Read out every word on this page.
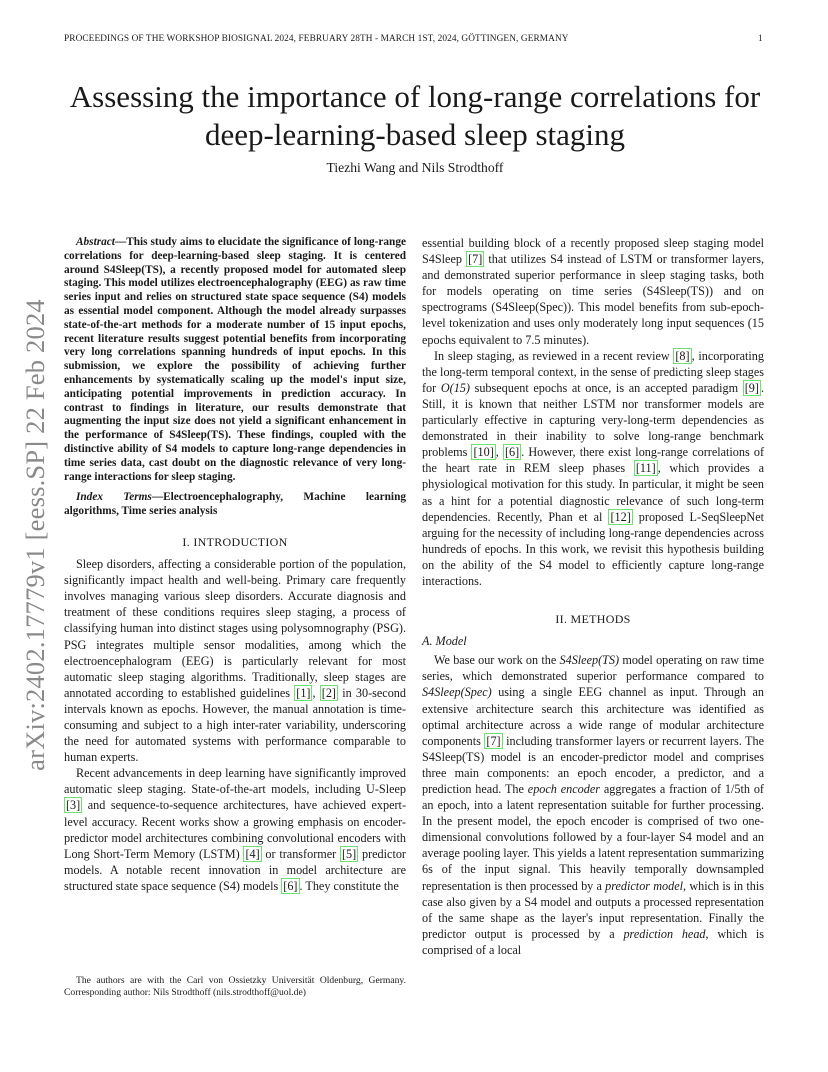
PROCEEDINGS OF THE WORKSHOP BIOSIGNAL 2024, FEBRUARY 28TH - MARCH 1ST, 2024, GÖTTINGEN, GERMANY	1
arXiv:2402.17779v1 [eess.SP] 22 Feb 2024
Assessing the importance of long-range correlations for deep-learning-based sleep staging
Tiezhi Wang and Nils Strodthoff

Abstract—This study aims to elucidate the significance of long-range correlations for deep-learning-based sleep staging. It is centered around S4Sleep(TS), a recently proposed model for automated sleep staging. This model utilizes electroencephalography (EEG) as raw time series input and relies on structured state space sequence (S4) models as essential model component. Although the model already surpasses state-of-the-art methods for a moderate number of 15 input epochs, recent literature results suggest potential benefits from incorporating very long correlations spanning hundreds of input epochs. In this submission, we explore the possibility of achieving further enhancements by systematically scaling up the model's input size, anticipating potential improvements in prediction accuracy. In contrast to findings in literature, our results demonstrate that augmenting the input size does not yield a significant enhancement in the performance of S4Sleep(TS). These findings, coupled with the distinctive ability of S4 models to capture long-range dependencies in time series data, cast doubt on the diagnostic relevance of very long-range interactions for sleep staging.

Index Terms—Electroencephalography, Machine learning algorithms, Time series analysis

I. INTRODUCTION

Sleep disorders, affecting a considerable portion of the population, significantly impact health and well-being. Primary care frequently involves managing various sleep disorders. Accurate diagnosis and treatment of these conditions requires sleep staging, a process of classifying human into distinct stages using polysomnography (PSG). PSG integrates multiple sensor modalities, among which the electroencephalogram (EEG) is particularly relevant for most automatic sleep staging algorithms. Traditionally, sleep stages are annotated according to established guidelines [1] , [2] in 30-second intervals known as epochs. However, the manual annotation is time-consuming and subject to a high inter-rater variability, underscoring the need for automated systems with performance comparable to human experts.

Recent advancements in deep learning have significantly improved automatic sleep staging. State-of-the-art models, including U-Sleep [3] and sequence-to-sequence architectures, have achieved expert-level accuracy. Recent works show a growing emphasis on encoder-predictor model architectures combining convolutional encoders with Long Short-Term Memory (LSTM) [4] or transformer [5] predictor models. A notable recent innovation in model architecture are structured state space sequence (S4) models [6] . They constitute the

The authors are with the Carl von Ossietzky Universität Oldenburg, Germany. Corresponding author: Nils Strodthoff (nils.strodthoff@uol.de)

essential building block of a recently proposed sleep staging model S4Sleep [7] that utilizes S4 instead of LSTM or transformer layers, and demonstrated superior performance in sleep staging tasks, both for models operating on time series (S4Sleep(TS)) and on spectrograms (S4Sleep(Spec)). This model benefits from sub-epoch-level tokenization and uses only moderately long input sequences (15 epochs equivalent to 7.5 minutes).

In sleep staging, as reviewed in a recent review [8] , incorporating the long-term temporal context, in the sense of predicting sleep stages for O(15) subsequent epochs at once, is an accepted paradigm [9] . Still, it is known that neither LSTM nor transformer models are particularly effective in capturing very-long-term dependencies as demonstrated in their inability to solve long-range benchmark problems [10] , [6] . However, there exist long-range correlations of the heart rate in REM sleep phases [11] , which provides a physiological motivation for this study. In particular, it might be seen as a hint for a potential diagnostic relevance of such long-term dependencies. Recently, Phan et al [12] proposed L-SeqSleepNet arguing for the necessity of including long-range dependencies across hundreds of epochs. In this work, we revisit this hypothesis building on the ability of the S4 model to efficiently capture long-range interactions.

II. METHODS

A. Model

We base our work on the S4Sleep(TS) model operating on raw time series, which demonstrated superior performance compared to S4Sleep(Spec) using a single EEG channel as input. Through an extensive architecture search this architecture was identified as optimal architecture across a wide range of modular architecture components [7] including transformer layers or recurrent layers. The S4Sleep(TS) model is an encoder-predictor model and comprises three main components: an epoch encoder, a predictor, and a prediction head. The epoch encoder aggregates a fraction of 1/5th of an epoch, into a latent representation suitable for further processing. In the present model, the epoch encoder is comprised of two one-dimensional convolutions followed by a four-layer S4 model and an average pooling layer. This yields a latent representation summarizing 6s of the input signal. This heavily temporally downsampled representation is then processed by a predictor model, which is in this case also given by a S4 model and outputs a processed representation of the same shape as the layer's input representation. Finally the predictor output is processed by a prediction head, which is comprised of a local
